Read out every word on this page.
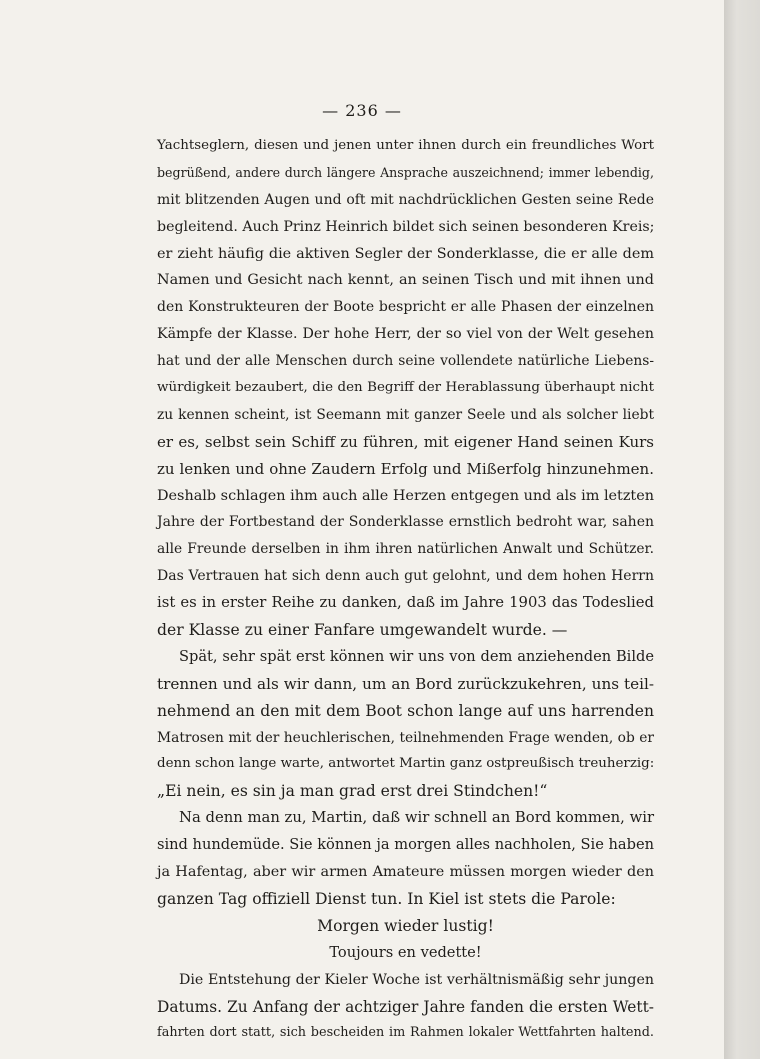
— 236 —
Yachtseglern, diesen und jenen unter ihnen durch ein freundliches Wort
begrüßend, andere durch längere Ansprache auszeichnend; immer lebendig,
mit blitzenden Augen und oft mit nachdrücklichen Gesten seine Rede
begleitend. Auch Prinz Heinrich bildet sich seinen besonderen Kreis;
er zieht häufig die aktiven Segler der Sonderklasse, die er alle dem
Namen und Gesicht nach kennt, an seinen Tisch und mit ihnen und
den Konstrukteuren der Boote bespricht er alle Phasen der einzelnen
Kämpfe der Klasse. Der hohe Herr, der so viel von der Welt gesehen
hat und der alle Menschen durch seine vollendete natürliche Liebens-
würdigkeit bezaubert, die den Begriff der Herablassung überhaupt nicht
zu kennen scheint, ist Seemann mit ganzer Seele und als solcher liebt
er es, selbst sein Schiff zu führen, mit eigener Hand seinen Kurs
zu lenken und ohne Zaudern Erfolg und Mißerfolg hinzunehmen.
Deshalb schlagen ihm auch alle Herzen entgegen und als im letzten
Jahre der Fortbestand der Sonderklasse ernstlich bedroht war, sahen
alle Freunde derselben in ihm ihren natürlichen Anwalt und Schützer.
Das Vertrauen hat sich denn auch gut gelohnt, und dem hohen Herrn
ist es in erster Reihe zu danken, daß im Jahre 1903 das Todeslied
der Klasse zu einer Fanfare umgewandelt wurde. —
Spät, sehr spät erst können wir uns von dem anziehenden Bilde
trennen und als wir dann, um an Bord zurückzukehren, uns teil-
nehmend an den mit dem Boot schon lange auf uns harrenden
Matrosen mit der heuchlerischen, teilnehmenden Frage wenden, ob er
denn schon lange warte, antwortet Martin ganz ostpreußisch treuherzig:
„Ei nein, es sin ja man grad erst drei Stindchen!“
Na denn man zu, Martin, daß wir schnell an Bord kommen, wir
sind hundemüde. Sie können ja morgen alles nachholen, Sie haben
ja Hafentag, aber wir armen Amateure müssen morgen wieder den
ganzen Tag offiziell Dienst tun. In Kiel ist stets die Parole:
Morgen wieder lustig!
Toujours en vedette!
Die Entstehung der Kieler Woche ist verhältnismäßig sehr jungen
Datums. Zu Anfang der achtziger Jahre fanden die ersten Wett-
fahrten dort statt, sich bescheiden im Rahmen lokaler Wettfahrten haltend.
